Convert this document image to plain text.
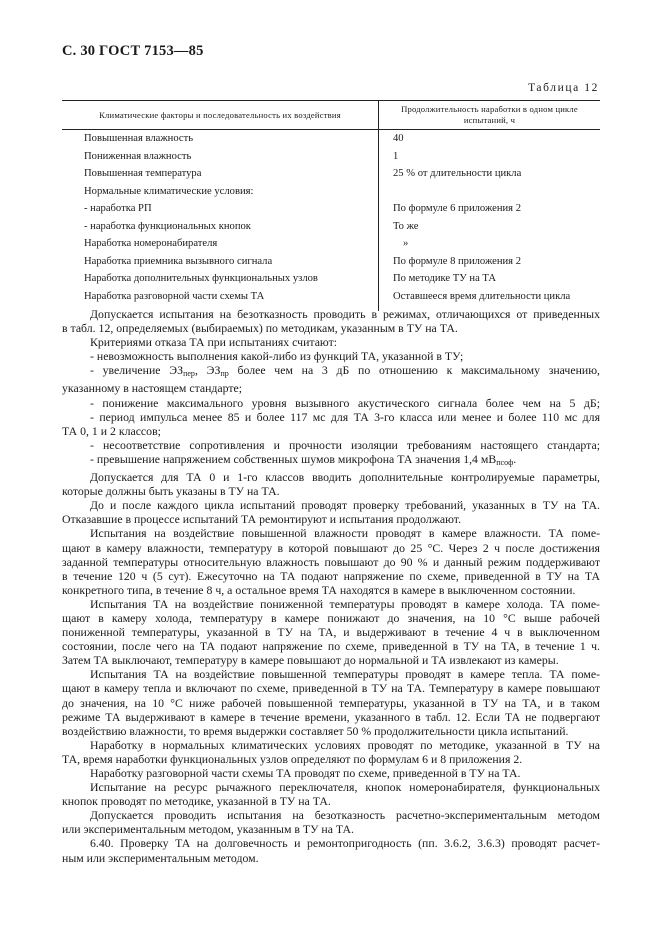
С. 30 ГОСТ 7153—85
Таблица 12
Климатические факторы и последовательность их воздействия
Продолжительность наработки в одном цикле
испытаний, ч
Повышенная влажность
Пониженная влажность
Повышенная температура
Нормальные климатические условия:
- наработка РП
- наработка функциональных кнопок
Наработка номеронабирателя
Наработка приемника вызывного сигнала
Наработка дополнительных функциональных узлов
Наработка разговорной части схемы ТА
40
1
25 % от длительности цикла
По формуле 6 приложения 2
То же
»
По формуле 8 приложения 2
По методике ТУ на ТА
Оставшееся время длительности цикла
Допускается испытания на безотказность проводить в режимах, отличающихся от приведенных
в табл. 12, определяемых (выбираемых) по методикам, указанным в ТУ на ТА.
Критериями отказа ТА при испытаниях считают:
- невозможность выполнения какой-либо из функций ТА, указанной в ТУ;
- увеличение $ЭЗ_{пер}$, $ЭЗ_{пр}$ более чем на 3 дБ по отношению к максимальному значению,
указанному в настоящем стандарте;
- понижение максимального уровня вызывного акустического сигнала более чем на 5 дБ;
- период импульса менее 85 и более 117 мс для ТА 3-го класса или менее и более 110 мс для
ТА 0, 1 и 2 классов;
- несоответствие сопротивления и прочности изоляции требованиям настоящего стандарта;
- превышение напряжением собственных шумов микрофона ТА значения 1,4 $мВ_{псоф}$.
Допускается для ТА 0 и 1-го классов вводить дополнительные контролируемые параметры,
которые должны быть указаны в ТУ на ТА.
До и после каждого цикла испытаний проводят проверку требований, указанных в ТУ на ТА.
Отказавшие в процессе испытаний ТА ремонтируют и испытания продолжают.
Испытания на воздействие повышенной влажности проводят в камере влажности. ТА поме-
щают в камеру влажности, температуру в которой повышают до 25 °С. Через 2 ч после достижения
заданной температуры относительную влажность повышают до 90 % и данный режим поддерживают
в течение 120 ч (5 сут). Ежесуточно на ТА подают напряжение по схеме, приведенной в ТУ на ТА
конкретного типа, в течение 8 ч, а остальное время ТА находятся в камере в выключенном состоянии.
Испытания ТА на воздействие пониженной температуры проводят в камере холода. ТА поме-
щают в камеру холода, температуру в камере понижают до значения, на 10 °С выше рабочей
пониженной температуры, указанной в ТУ на ТА, и выдерживают в течение 4 ч в выключенном
состоянии, после чего на ТА подают напряжение по схеме, приведенной в ТУ на ТА, в течение 1 ч.
Затем ТА выключают, температуру в камере повышают до нормальной и ТА извлекают из камеры.
Испытания ТА на воздействие повышенной температуры проводят в камере тепла. ТА поме-
щают в камеру тепла и включают по схеме, приведенной в ТУ на ТА. Температуру в камере повышают
до значения, на 10 °С ниже рабочей повышенной температуры, указанной в ТУ на ТА, и в таком
режиме ТА выдерживают в камере в течение времени, указанного в табл. 12. Если ТА не подвергают
воздействию влажности, то время выдержки составляет 50 % продолжительности цикла испытаний.
Наработку в нормальных климатических условиях проводят по методике, указанной в ТУ на
ТА, время наработки функциональных узлов определяют по формулам 6 и 8 приложения 2.
Наработку разговорной части схемы ТА проводят по схеме, приведенной в ТУ на ТА.
Испытание на ресурс рычажного переключателя, кнопок номеронабирателя, функциональных
кнопок проводят по методике, указанной в ТУ на ТА.
Допускается проводить испытания на безотказность расчетно-экспериментальным методом
или экспериментальным методом, указанным в ТУ на ТА.
6.40. Проверку ТА на долговечность и ремонтопригодность (пп. 3.6.2, 3.6.3) проводят расчет-
ным или экспериментальным методом.
